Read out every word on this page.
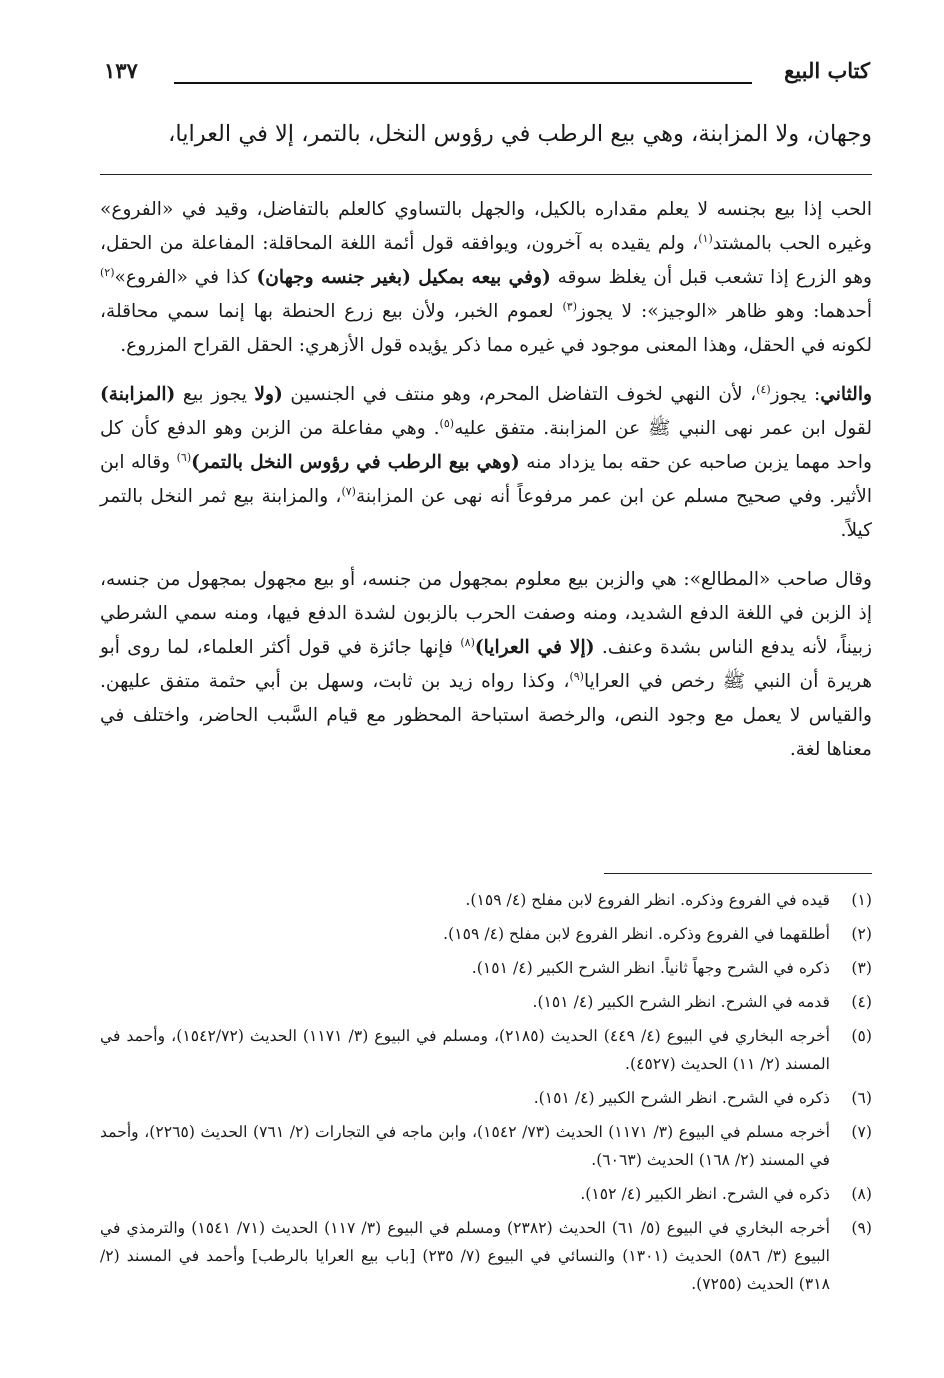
كتاب البيع
١٣٧

وجهان، ولا المزابنة، وهي بيع الرطب في رؤوس النخل، بالتمر، إلا في العرايا،

الحب إذا بيع بجنسه لا يعلم مقداره بالكيل، والجهل بالتساوي كالعلم بالتفاضل، وقيد في «الفروع» وغيره الحب بالمشتد$^{(١)}$، ولم يقيده به آخرون، ويوافقه قول أئمة اللغة المحاقلة: المفاعلة من الحقل، وهو الزرع إذا تشعب قبل أن يغلظ سوقه (وفي بيعه بمكيل (بغير جنسه وجهان) كذا في «الفروع»$^{(٢)}$ أحدهما: وهو ظاهر «الوجيز»: لا يجوز$^{(٣)}$ لعموم الخبر، ولأن بيع زرع الحنطة بها إنما سمي محاقلة، لكونه في الحقل، وهذا المعنى موجود في غيره مما ذكر يؤيده قول الأزهري: الحقل القراح المزروع.

والثاني: يجوز$^{(٤)}$، لأن النهي لخوف التفاضل المحرم، وهو منتف في الجنسين (ولا يجوز بيع (المزابنة) لقول ابن عمر نهى النبي ﷺ عن المزابنة. متفق عليه$^{(٥)}$. وهي مفاعلة من الزبن وهو الدفع كأن كل واحد مهما يزبن صاحبه عن حقه بما يزداد منه (وهي بيع الرطب في رؤوس النخل بالتمر)$^{(٦)}$ وقاله ابن الأثير. وفي صحيح مسلم عن ابن عمر مرفوعاً أنه نهى عن المزابنة$^{(٧)}$، والمزابنة بيع ثمر النخل بالتمر كيلاً.

وقال صاحب «المطالع»: هي والزبن بيع معلوم بمجهول من جنسه، أو بيع مجهول بمجهول من جنسه، إذ الزبن في اللغة الدفع الشديد، ومنه وصفت الحرب بالزبون لشدة الدفع فيها، ومنه سمي الشرطي زبيناً، لأنه يدفع الناس بشدة وعنف. (إلا في العرايا)$^{(٨)}$ فإنها جائزة في قول أكثر العلماء، لما روى أبو هريرة أن النبي ﷺ رخص في العرايا$^{(٩)}$، وكذا رواه زيد بن ثابت، وسهل بن أبي حثمة متفق عليهن. والقياس لا يعمل مع وجود النص، والرخصة استباحة المحظور مع قيام السَّبب الحاضر، واختلف في معناها لغة.

(١)
قيده في الفروع وذكره. انظر الفروع لابن مفلح (٤/ ١٥٩).
(٢)
أطلقهما في الفروع وذكره. انظر الفروع لابن مفلح (٤/ ١٥٩).
(٣)
ذكره في الشرح وجهاً ثانياً. انظر الشرح الكبير (٤/ ١٥١).
(٤)
قدمه في الشرح. انظر الشرح الكبير (٤/ ١٥١).
(٥)
أخرجه البخاري في البيوع (٤/ ٤٤٩) الحديث (٢١٨٥)، ومسلم في البيوع (٣/ ١١٧١) الحديث (١٥٤٢/٧٢)، وأحمد في المسند (٢/ ١١) الحديث (٤٥٢٧).
(٦)
ذكره في الشرح. انظر الشرح الكبير (٤/ ١٥١).
(٧)
أخرجه مسلم في البيوع (٣/ ١١٧١) الحديث (٧٣/ ١٥٤٢)، وابن ماجه في التجارات (٢/ ٧٦١) الحديث (٢٢٦٥)، وأحمد في المسند (٢/ ١٦٨) الحديث (٦٠٦٣).
(٨)
ذكره في الشرح. انظر الكبير (٤/ ١٥٢).
(٩)
أخرجه البخاري في البيوع (٥/ ٦١) الحديث (٢٣٨٢) ومسلم في البيوع (٣/ ١١٧) الحديث (٧١/ ١٥٤١) والترمذي في البيوع (٣/ ٥٨٦) الحديث (١٣٠١) والنسائي في البيوع (٧/ ٢٣٥) [باب بيع العرايا بالرطب] وأحمد في المسند (٢/ ٣١٨) الحديث (٧٢٥٥).
